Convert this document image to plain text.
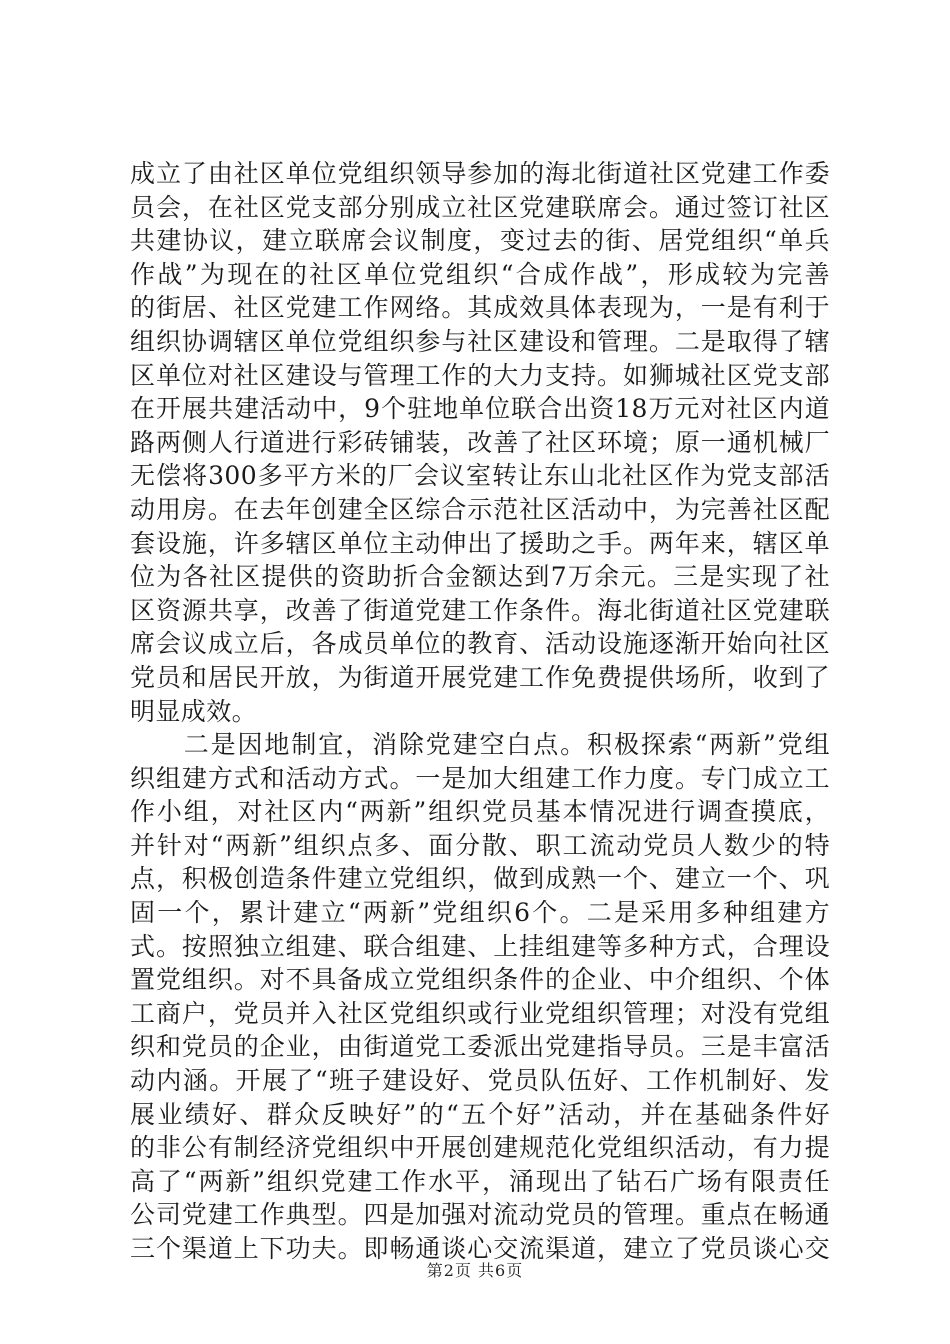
成立了由社区单位党组织领导参加的海北街道社区党建工作委
员会，在社区党支部分别成立社区党建联席会。通过签订社区
共建协议，建立联席会议制度，变过去的街、居党组织“单兵
作战”为现在的社区单位党组织“合成作战”，形成较为完善
的街居、社区党建工作网络。其成效具体表现为，一是有利于
组织协调辖区单位党组织参与社区建设和管理。二是取得了辖
区单位对社区建设与管理工作的大力支持。如狮城社区党支部
在开展共建活动中，9个驻地单位联合出资18万元对社区内道
路两侧人行道进行彩砖铺装，改善了社区环境；原一通机械厂
无偿将300多平方米的厂会议室转让东山北社区作为党支部活
动用房。在去年创建全区综合示范社区活动中，为完善社区配
套设施，许多辖区单位主动伸出了援助之手。两年来，辖区单
位为各社区提供的资助折合金额达到7万余元。三是实现了社
区资源共享，改善了街道党建工作条件。海北街道社区党建联
席会议成立后，各成员单位的教育、活动设施逐渐开始向社区
党员和居民开放，为街道开展党建工作免费提供场所，收到了
明显成效。
　　二是因地制宜，消除党建空白点。积极探索“两新”党组
织组建方式和活动方式。一是加大组建工作力度。专门成立工
作小组，对社区内“两新”组织党员基本情况进行调查摸底，
并针对“两新”组织点多、面分散、职工流动党员人数少的特
点，积极创造条件建立党组织，做到成熟一个、建立一个、巩
固一个，累计建立“两新”党组织6个。二是采用多种组建方
式。按照独立组建、联合组建、上挂组建等多种方式，合理设
置党组织。对不具备成立党组织条件的企业、中介组织、个体
工商户，党员并入社区党组织或行业党组织管理；对没有党组
织和党员的企业，由街道党工委派出党建指导员。三是丰富活
动内涵。开展了“班子建设好、党员队伍好、工作机制好、发
展业绩好、群众反映好”的“五个好”活动，并在基础条件好
的非公有制经济党组织中开展创建规范化党组织活动，有力提
高了“两新”组织党建工作水平，涌现出了钻石广场有限责任
公司党建工作典型。四是加强对流动党员的管理。重点在畅通
三个渠道上下功夫。即畅通谈心交流渠道，建立了党员谈心交
第2页 共6页
